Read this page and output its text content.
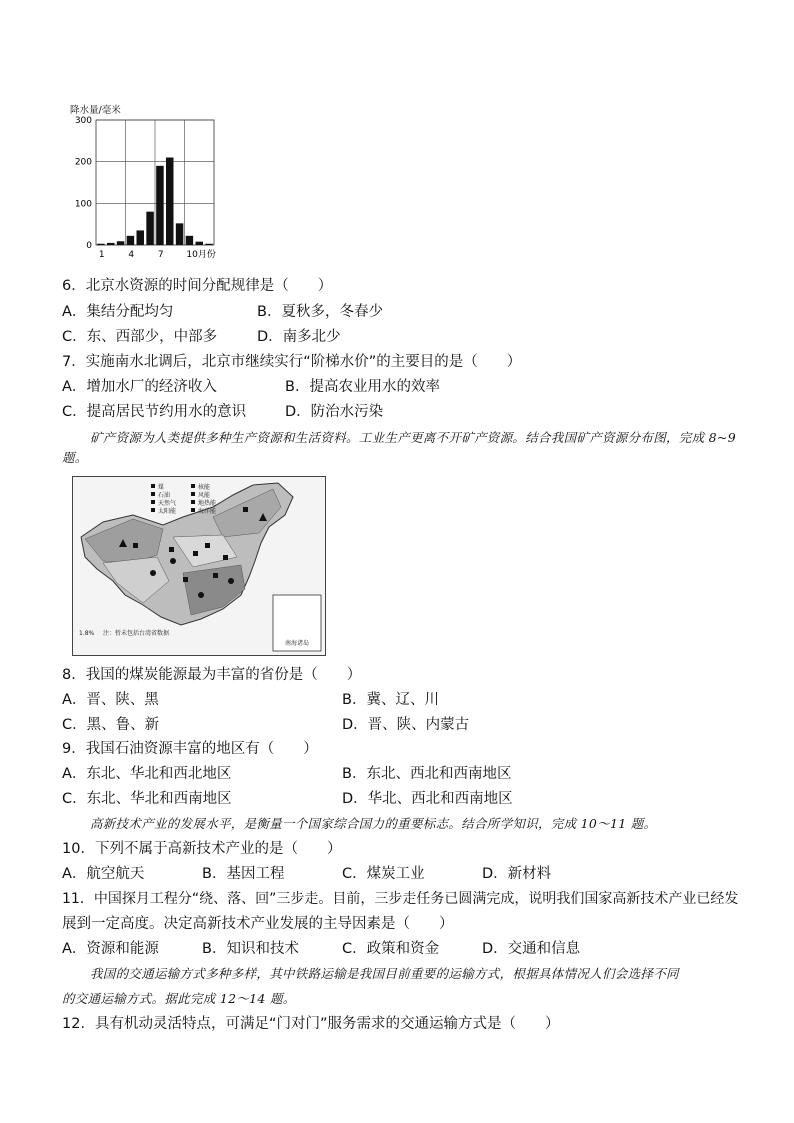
降水量/毫米
0
100
200
300
1	4	7	10月份
6．北京水资源的时间分配规律是（　　）
A．集结分配均匀	B．夏秋多，冬春少
C．东、西部少，中部多	D．南多北少
7．实施南水北调后，北京市继续实行“阶梯水价”的主要目的是（　　）
A．增加水厂的经济收入	B．提高农业用水的效率
C．提高居民节约用水的意识	D．防治水污染
矿产资源为人类提供多种生产资源和生活资料。工业生产更离不开矿产资源。结合我国矿产资源分布图，完成 8~9 题。
南海诸岛
煤
石油
天然气
太阳能
核能
风能
地热能
海洋能
1.8% 注：暂未包括台湾省数据
8．我国的煤炭能源最为丰富的省份是（　　）
A．晋、陕、黑	B．冀、辽、川
C．黑、鲁、新	D．晋、陕、内蒙古
9．我国石油资源丰富的地区有（　　）
A．东北、华北和西北地区	B．东北、西北和西南地区
C．东北、华北和西南地区	D．华北、西北和西南地区
高新技术产业的发展水平，是衡量一个国家综合国力的重要标志。结合所学知识，完成 10～11 题。
10．下列不属于高新技术产业的是（　　）
A．航空航天	B．基因工程	C．煤炭工业	D．新材料
11．中国探月工程分“绕、落、回”三步走。目前，三步走任务已圆满完成，说明我们国家高新技术产业已经发
展到一定高度。决定高新技术产业发展的主导因素是（　　）
A．资源和能源	B．知识和技术	C．政策和资金	D．交通和信息
我国的交通运输方式多种多样，其中铁路运输是我国目前重要的运输方式，根据具体情况人们会选择不同
的交通运输方式。据此完成 12～14 题。
12．具有机动灵活特点，可满足“门对门”服务需求的交通运输方式是（　　）
